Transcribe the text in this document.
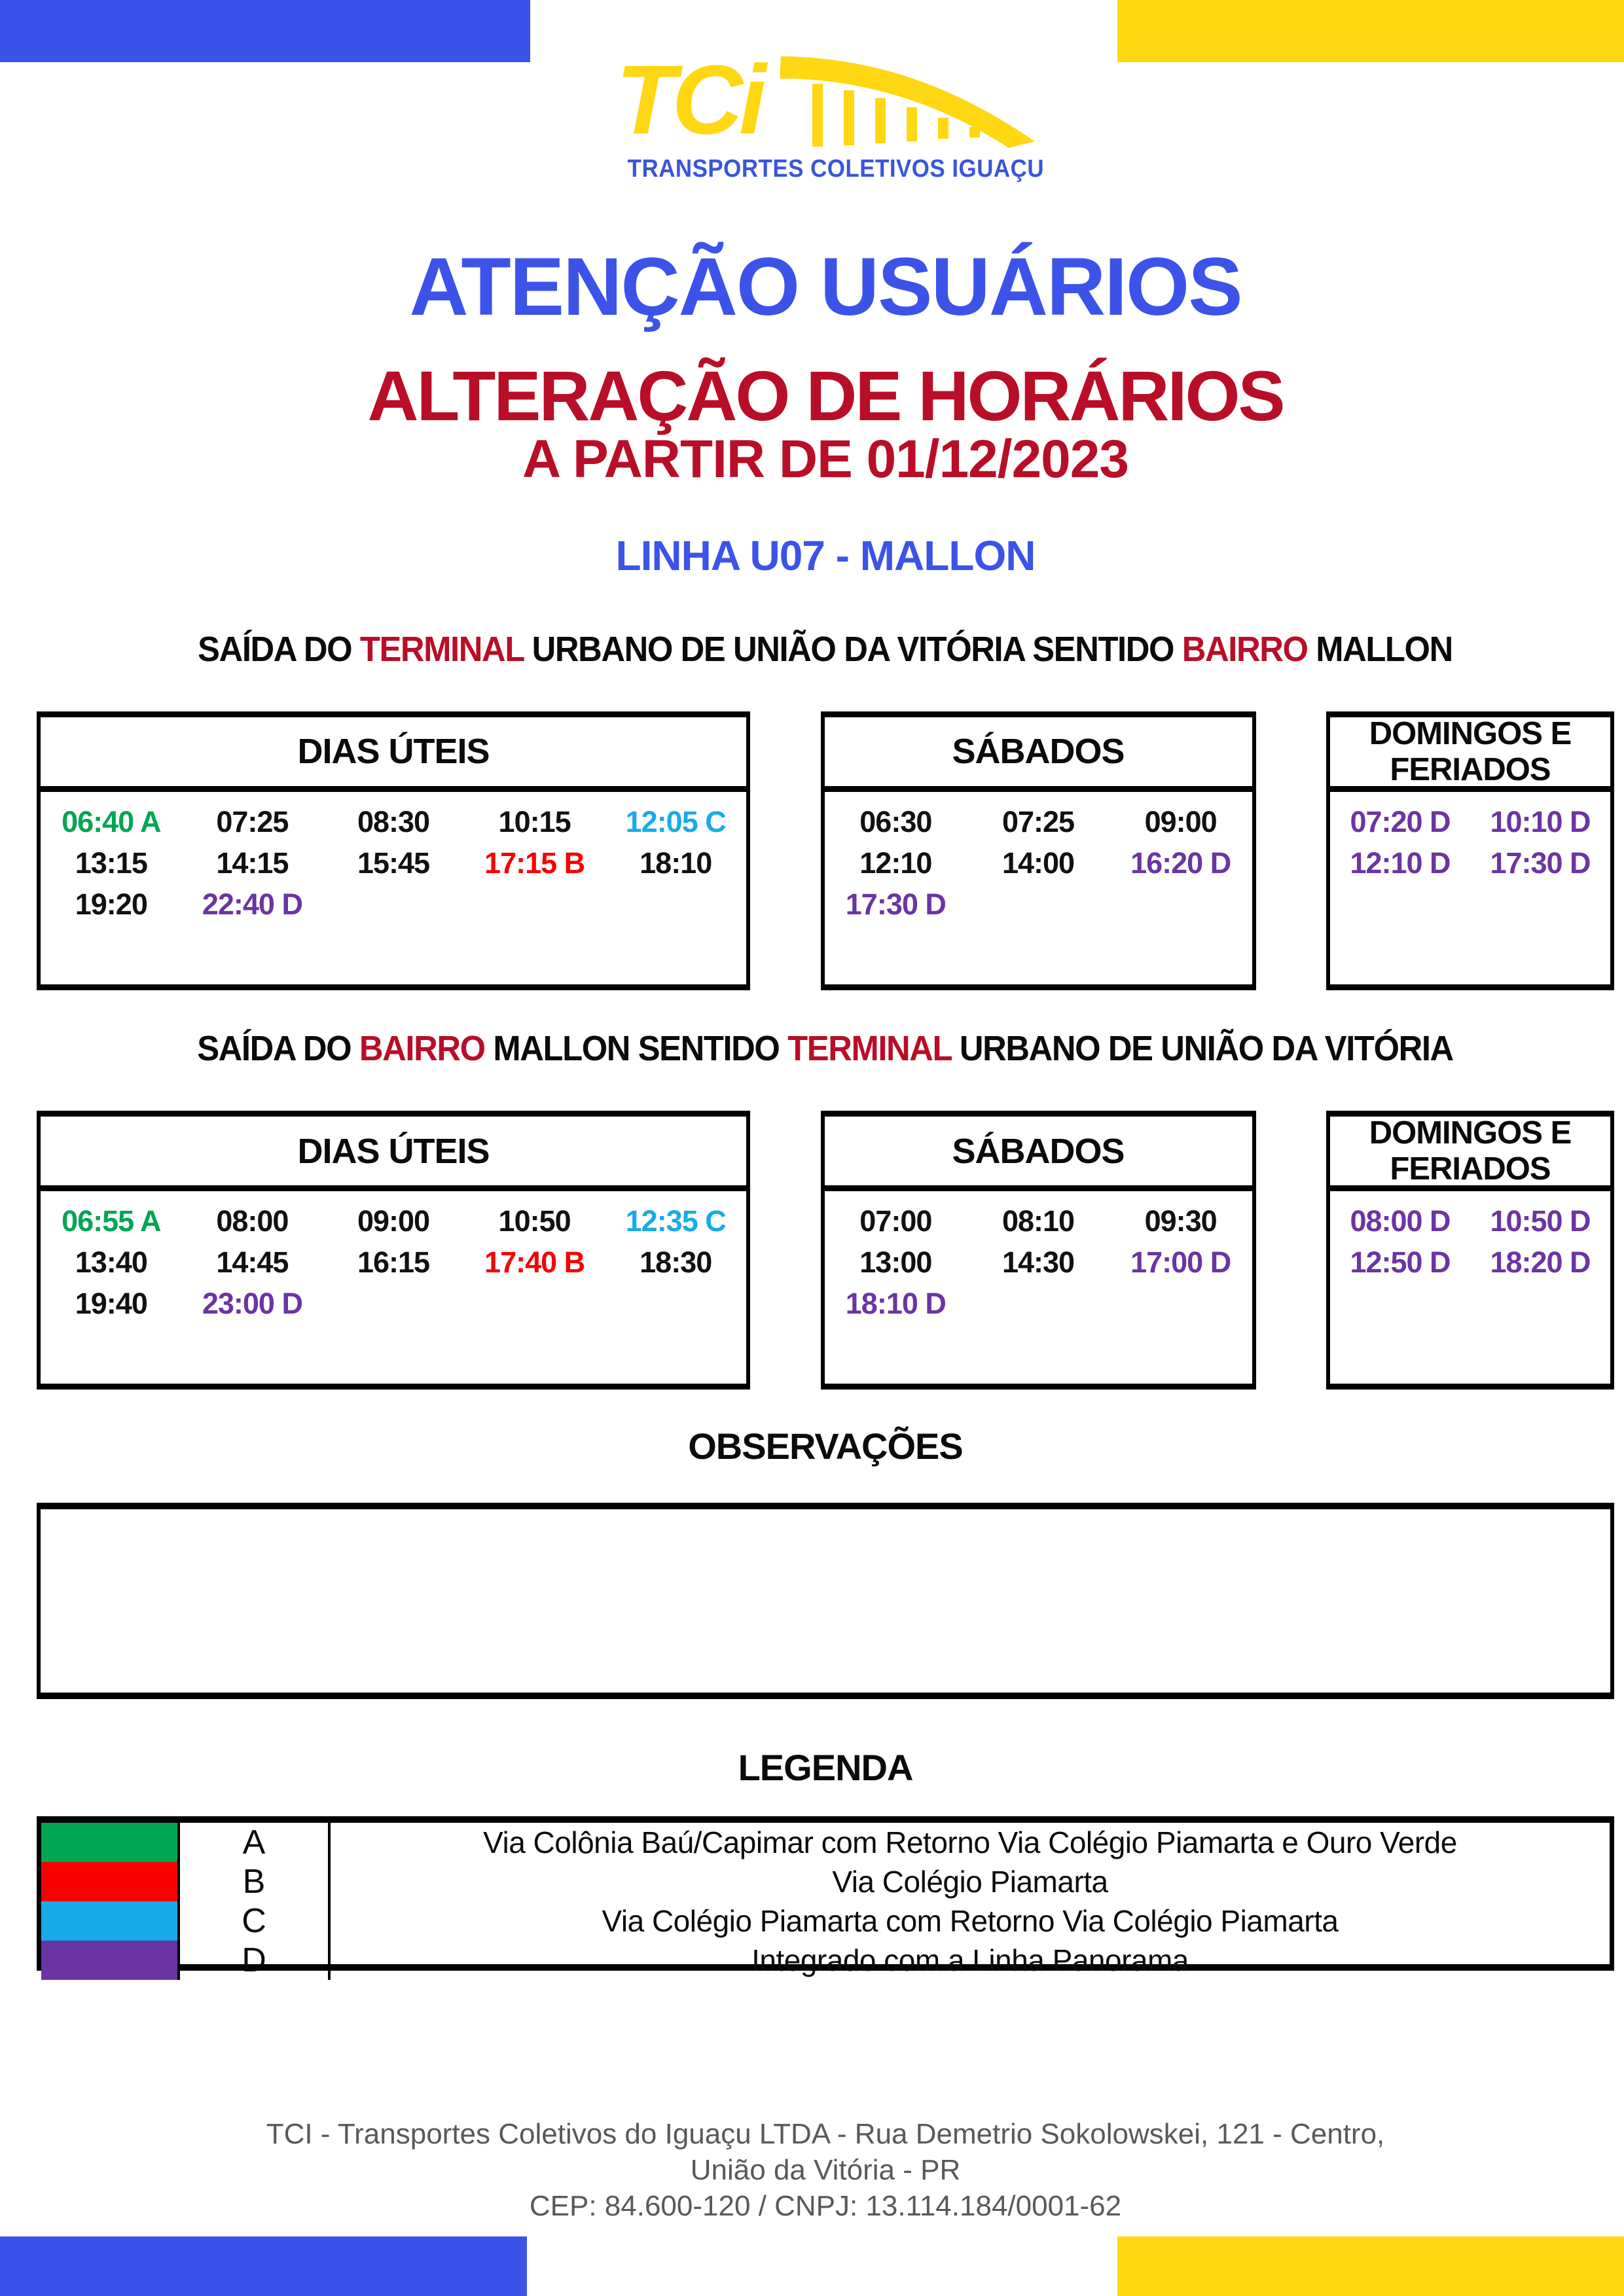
TCi
TRANSPORTES COLETIVOS IGUAÇU
ATENÇÃO USUÁRIOS
ALTERAÇÃO DE HORÁRIOS
A PARTIR DE 01/12/2023
LINHA U07 - MALLON
SAÍDA DO TERMINAL URBANO DE UNIÃO DA VITÓRIA SENTIDO BAIRRO MALLON
DIAS ÚTEIS
06:40 A 07:25 08:30 10:15 12:05 C
13:15 14:15 15:45 17:15 B 18:10
19:20 22:40 D
SÁBADOS
06:30 07:25 09:00
12:10 14:00 16:20 D
17:30 D
DOMINGOS E FERIADOS
07:20 D 10:10 D
12:10 D 17:30 D
SAÍDA DO BAIRRO MALLON SENTIDO TERMINAL URBANO DE UNIÃO DA VITÓRIA
DIAS ÚTEIS
06:55 A 08:00 09:00 10:50 12:35 C
13:40 14:45 16:15 17:40 B 18:30
19:40 23:00 D
SÁBADOS
07:00 08:10 09:30
13:00 14:30 17:00 D
18:10 D
DOMINGOS E FERIADOS
08:00 D 10:50 D
12:50 D 18:20 D
OBSERVAÇÕES
LEGENDA
A	Via Colônia Baú/Capimar com Retorno Via Colégio Piamarta e Ouro Verde
B	Via Colégio Piamarta
C	Via Colégio Piamarta com Retorno Via Colégio Piamarta
D	Integrado com a Linha Panorama
TCI - Transportes Coletivos do Iguaçu LTDA - Rua Demetrio Sokolowskei, 121 - Centro,
União da Vitória - PR
CEP: 84.600-120 / CNPJ: 13.114.184/0001-62
